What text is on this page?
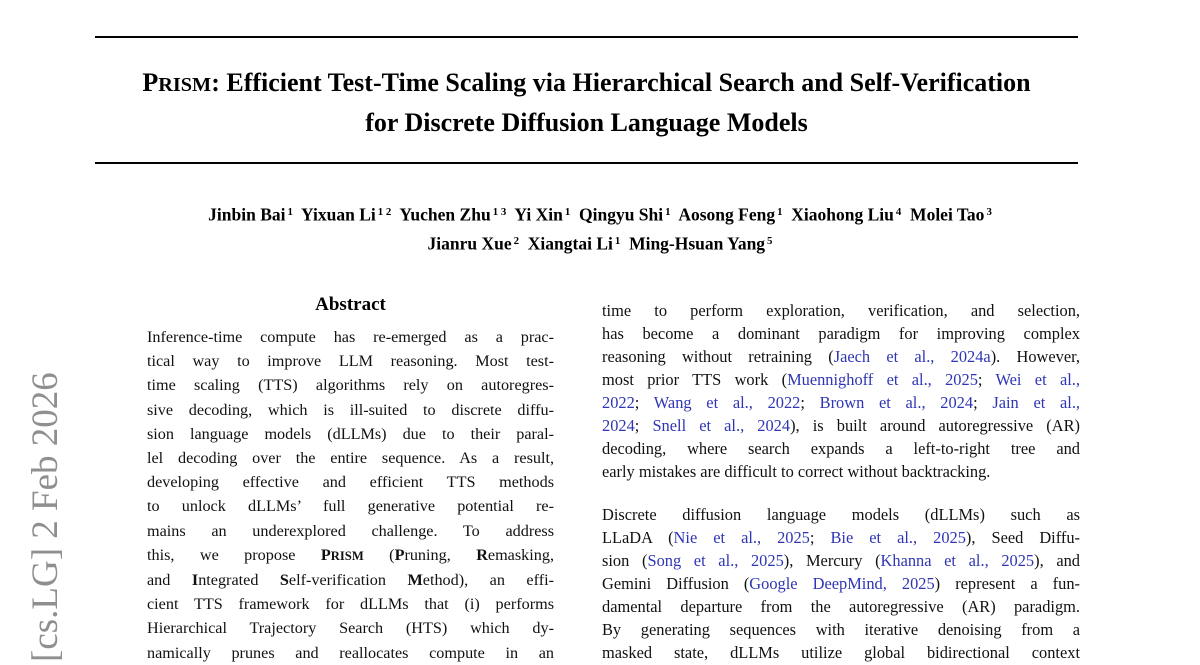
[cs.LG] 2 Feb 2026
PRISM: Efficient Test-Time Scaling via Hierarchical Search and Self-Verification
for Discrete Diffusion Language Models
Jinbin Bai $^1$  Yixuan Li $^{1 2}$  Yuchen Zhu $^{1 3}$  Yi Xin $^1$  Qingyu Shi $^1$  Aosong Feng $^1$  Xiaohong Liu $^4$  Molei Tao $^3$
Jianru Xue $^2$  Xiangtai Li $^1$  Ming-Hsuan Yang $^5$
Abstract
Inference-time compute has re-emerged as a prac-
tical way to improve LLM reasoning. Most test-
time scaling (TTS) algorithms rely on autoregres-
sive decoding, which is ill-suited to discrete diffu-
sion language models (dLLMs) due to their paral-
lel decoding over the entire sequence. As a result,
developing effective and efficient TTS methods
to unlock dLLMs’ full generative potential re-
mains an underexplored challenge. To address
this, we propose PRISM (Pruning, Remasking,
and Integrated Self-verification Method), an effi-
cient TTS framework for dLLMs that (i) performs
Hierarchical Trajectory Search (HTS) which dy-
namically prunes and reallocates compute in an
time to perform exploration, verification, and selection,
has become a dominant paradigm for improving complex
reasoning without retraining (Jaech et al., 2024a). However,
most prior TTS work (Muennighoff et al., 2025; Wei et al.,
2022; Wang et al., 2022; Brown et al., 2024; Jain et al.,
2024; Snell et al., 2024), is built around autoregressive (AR)
decoding, where search expands a left-to-right tree and
early mistakes are difficult to correct without backtracking.
Discrete diffusion language models (dLLMs) such as
LLaDA (Nie et al., 2025; Bie et al., 2025), Seed Diffu-
sion (Song et al., 2025), Mercury (Khanna et al., 2025), and
Gemini Diffusion (Google DeepMind, 2025) represent a fun-
damental departure from the autoregressive (AR) paradigm.
By generating sequences with iterative denoising from a
masked state, dLLMs utilize global bidirectional context
